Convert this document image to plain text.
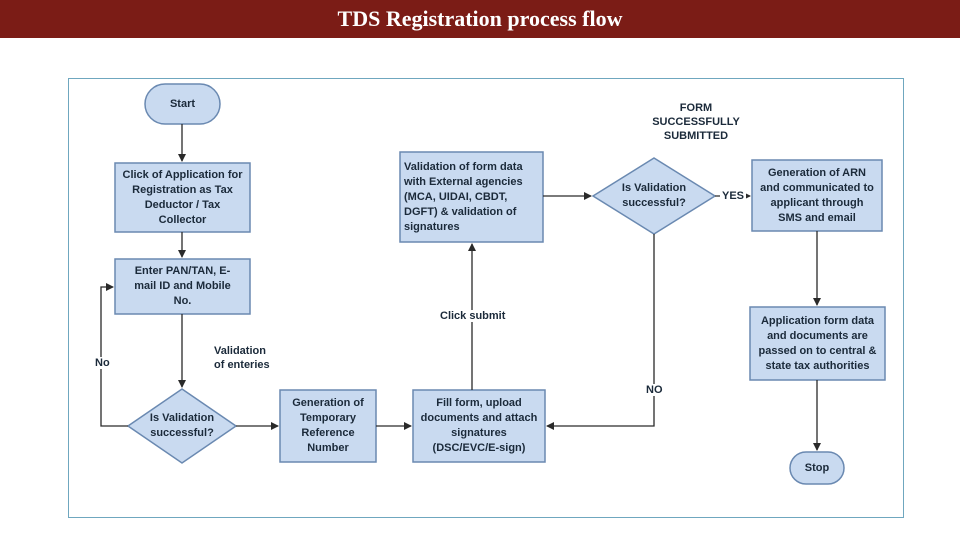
TDS Registration process flow
Start
Click of Application for Registration as Tax Deductor / Tax Collector
Enter PAN/TAN, E-mail ID and Mobile No.
Is Validation successful?
Generation of Temporary Reference Number
Fill form, upload documents and attach signatures (DSC/EVC/E-sign)
Validation of form data with External agencies (MCA, UIDAI, CBDT, DGFT) & validation of signatures
Is Validation successful?
Generation of ARN and communicated to applicant through SMS and email
Application form data and documents are passed on to central & state tax authorities
Stop
No
Validation of enteries
Click submit
FORM SUCCESSFULLY SUBMITTED
YES
NO
